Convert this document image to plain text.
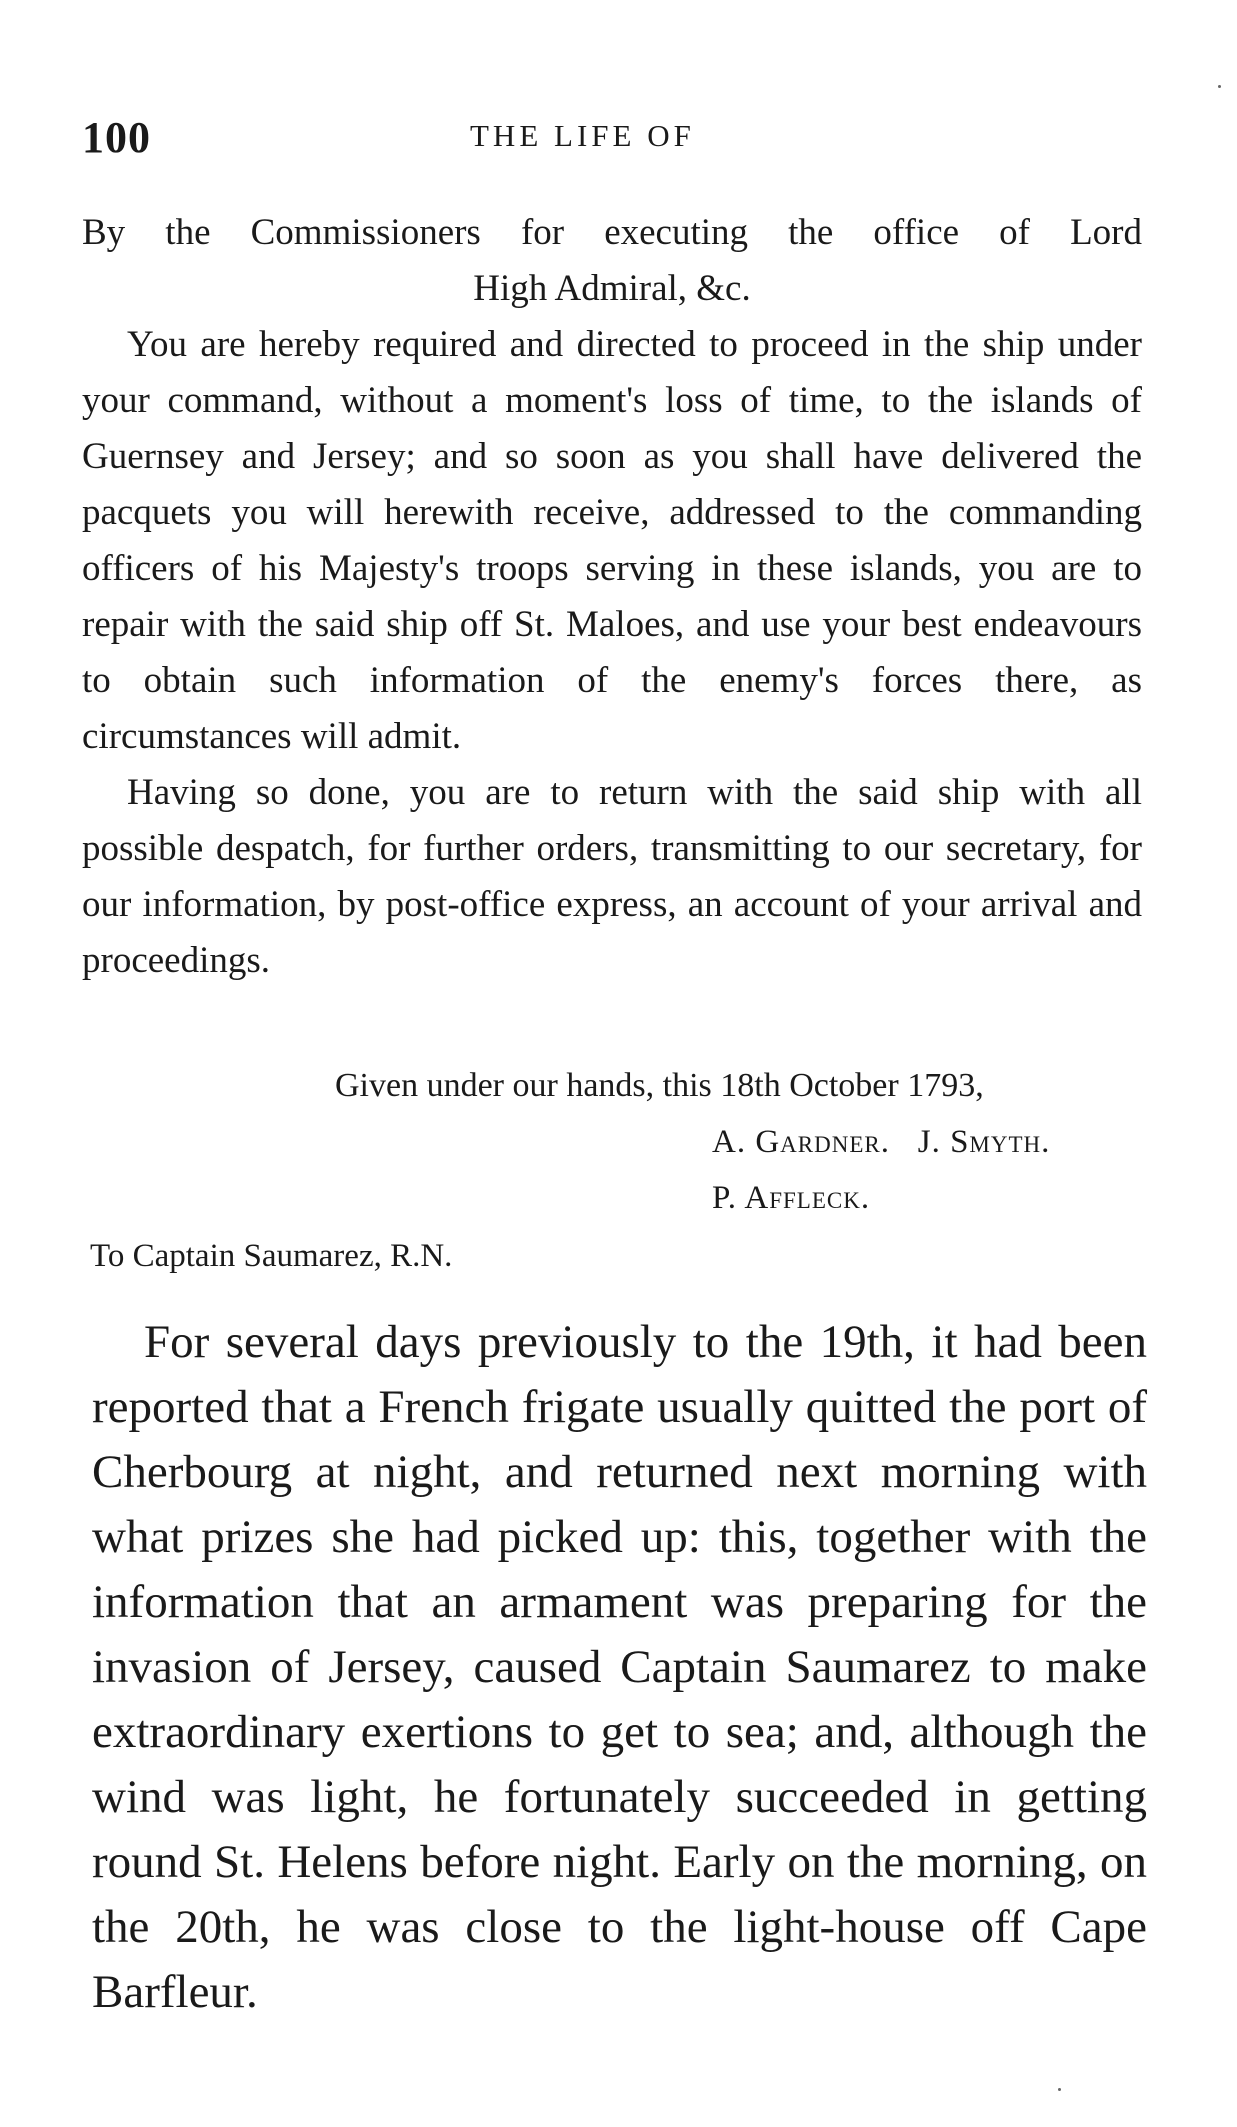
100	THE LIFE OF
By the Commissioners for executing the office of Lord
High Admiral, &c.

You are hereby required and directed to proceed in the ship under your command, without a moment's loss of time, to the islands of Guernsey and Jersey; and so soon as you shall have delivered the pacquets you will herewith receive, addressed to the commanding officers of his Majesty's troops serving in these islands, you are to repair with the said ship off St. Maloes, and use your best endeavours to obtain such information of the enemy's forces there, as circumstances will admit.

Having so done, you are to return with the said ship with all possible despatch, for further orders, transmitting to our secretary, for our information, by post-office express, an account of your arrival and proceedings.

Given under our hands, this 18th October 1793,
A. Gardner.   J. Smyth.
P. Affleck.
To Captain Saumarez, R.N.

For several days previously to the 19th, it had been reported that a French frigate usually quitted the port of Cherbourg at night, and returned next morning with what prizes she had picked up: this, together with the information that an armament was preparing for the invasion of Jersey, caused Captain Saumarez to make extraordinary exertions to get to sea; and, although the wind was light, he fortunately succeeded in getting round St. Helens before night. Early on the morning, on the 20th, he was close to the light-house off Cape Barfleur.
